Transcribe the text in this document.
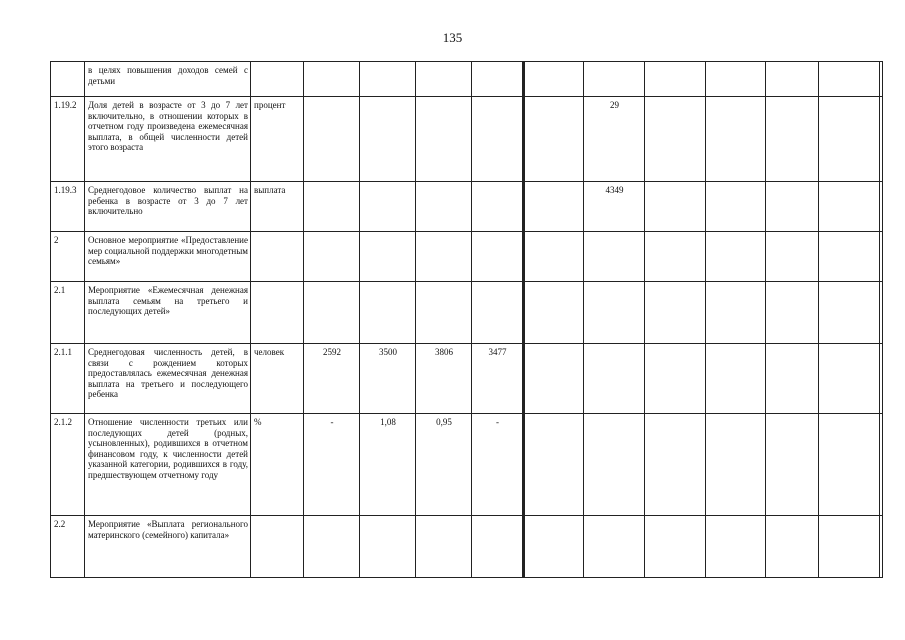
135
	в целях повышения доходов семей с детьми												
1.19.2	Доля детей в возрасте от 3 до 7 лет включительно, в отношении которых в отчетном году произведена ежемесячная выплата, в общей численности детей этого возраста	процент						29					
1.19.3	Среднегодовое количество выплат на ребенка в возрасте от 3 до 7 лет включительно	выплата						4349					
2	Основное мероприятие «Предоставление мер социальной поддержки многодетным семьям»												
2.1	Мероприятие «Ежемесячная денежная выплата семьям на третьего и последующих детей»												
2.1.1	Среднегодовая численность детей, в связи с рождением которых предоставлялась ежемесячная денежная выплата на третьего и последующего ребенка	человек	2592	3500	3806	3477							
2.1.2	Отношение численности третьих или последующих детей (родных, усыновленных), родившихся в отчетном финансовом году, к численности детей указанной категории, родившихся в году, предшествующем отчетному году	%	-	1,08	0,95	-							
2.2	Мероприятие «Выплата регионального материнского (семейного) капитала»												
